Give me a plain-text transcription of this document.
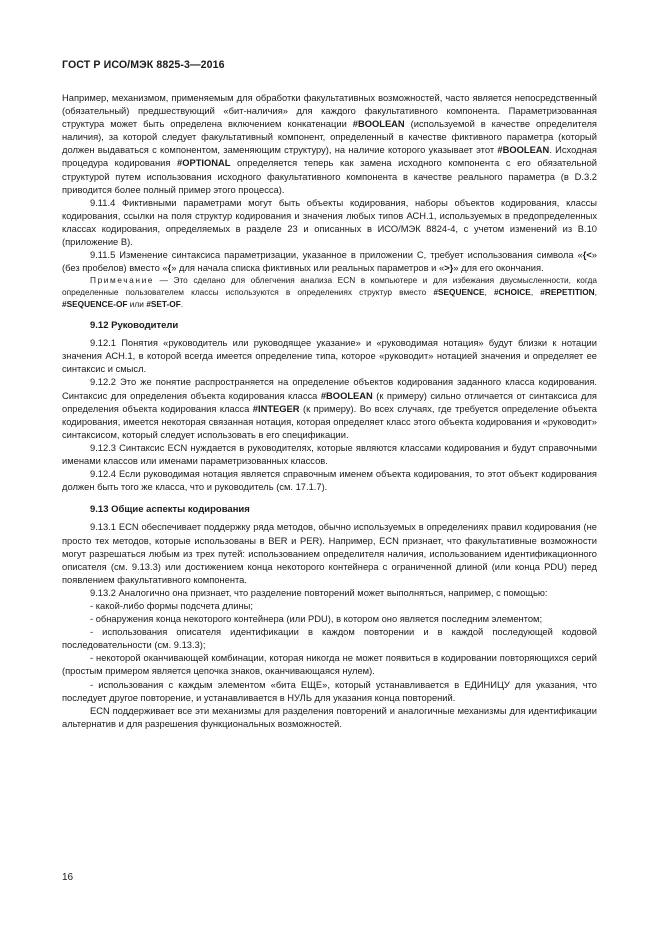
ГОСТ Р ИСО/МЭК 8825-3—2016

Например, механизмом, применяемым для обработки факультативных возможностей, часто является непосредственный (обязательный) предшествующий «бит-наличия» для каждого факультативного компонента. Параметризованная структура может быть определена включением конкатенации #BOOLEAN (используемой в качестве определителя наличия), за которой следует факультативный компонент, определенный в качестве фиктивного параметра (который должен выдаваться с компонентом, заменяющим структуру), на наличие которого указывает этот #BOOLEAN. Исходная процедура кодирования #OPTIONAL определяется теперь как замена исходного компонента с его обязательной структурой путем использования исходного факультативного компонента в качестве реального параметра (в D.3.2 приводится более полный пример этого процесса).

9.11.4 Фиктивными параметрами могут быть объекты кодирования, наборы объектов кодирования, классы кодирования, ссылки на поля структур кодирования и значения любых типов АСН.1, используемых в предопределенных классах кодирования, определяемых в разделе 23 и описанных в ИСО/МЭК 8824-4, с учетом изменений из В.10 (приложение В).

9.11.5 Изменение синтаксиса параметризации, указанное в приложении С, требует использования символа «{<» (без пробелов) вместо «{» для начала списка фиктивных или реальных параметров и «>}» для его окончания.

Примечание — Это сделано для облегчения анализа ECN в компьютере и для избежания двусмысленности, когда определенные пользователем классы используются в определениях структур вместо #SEQUENCE, #CHOICE, #REPETITION, #SEQUENCE-OF или #SET-OF.

9.12 Руководители

9.12.1 Понятия «руководитель или руководящее указание» и «руководимая нотация» будут близки к нотации значения АСН.1, в которой всегда имеется определение типа, которое «руководит» нотацией значения и определяет ее синтаксис и смысл.

9.12.2 Это же понятие распространяется на определение объектов кодирования заданного класса кодирования. Синтаксис для определения объекта кодирования класса #BOOLEAN (к примеру) сильно отличается от синтаксиса для определения объекта кодирования класса #INTEGER (к примеру). Во всех случаях, где требуется определение объекта кодирования, имеется некоторая связанная нотация, которая определяет класс этого объекта кодирования и «руководит» синтаксисом, который следует использовать в его спецификации.

9.12.3 Синтаксис ECN нуждается в руководителях, которые являются классами кодирования и будут справочными именами классов или именами параметризованных классов.

9.12.4 Если руководимая нотация является справочным именем объекта кодирования, то этот объект кодирования должен быть того же класса, что и руководитель (см. 17.1.7).

9.13 Общие аспекты кодирования

9.13.1 ECN обеспечивает поддержку ряда методов, обычно используемых в определениях правил кодирования (не просто тех методов, которые использованы в BER и PER). Например, ECN признает, что факультативные возможности могут разрешаться любым из трех путей: использованием определителя наличия, использованием идентификационного описателя (см. 9.13.3) или достижением конца некоторого контейнера с ограниченной длиной (или конца PDU) перед появлением факультативного компонента.

9.13.2 Аналогично она признает, что разделение повторений может выполняться, например, с помощью:

- какой-либо формы подсчета длины;

- обнаружения конца некоторого контейнера (или PDU), в котором оно является последним элементом;

- использования описателя идентификации в каждом повторении и в каждой последующей кодовой последовательности (см. 9.13.3);

- некоторой оканчивающей комбинации, которая никогда не может появиться в кодировании повторяющихся серий (простым примером является цепочка знаков, оканчивающаяся нулем).

- использования с каждым элементом «бита ЕЩЕ», который устанавливается в ЕДИНИЦУ для указания, что последует другое повторение, и устанавливается в НУЛЬ для указания конца повторений.

ECN поддерживает все эти механизмы для разделения повторений и аналогичные механизмы для идентификации альтернатив и для разрешения функциональных возможностей.

16
